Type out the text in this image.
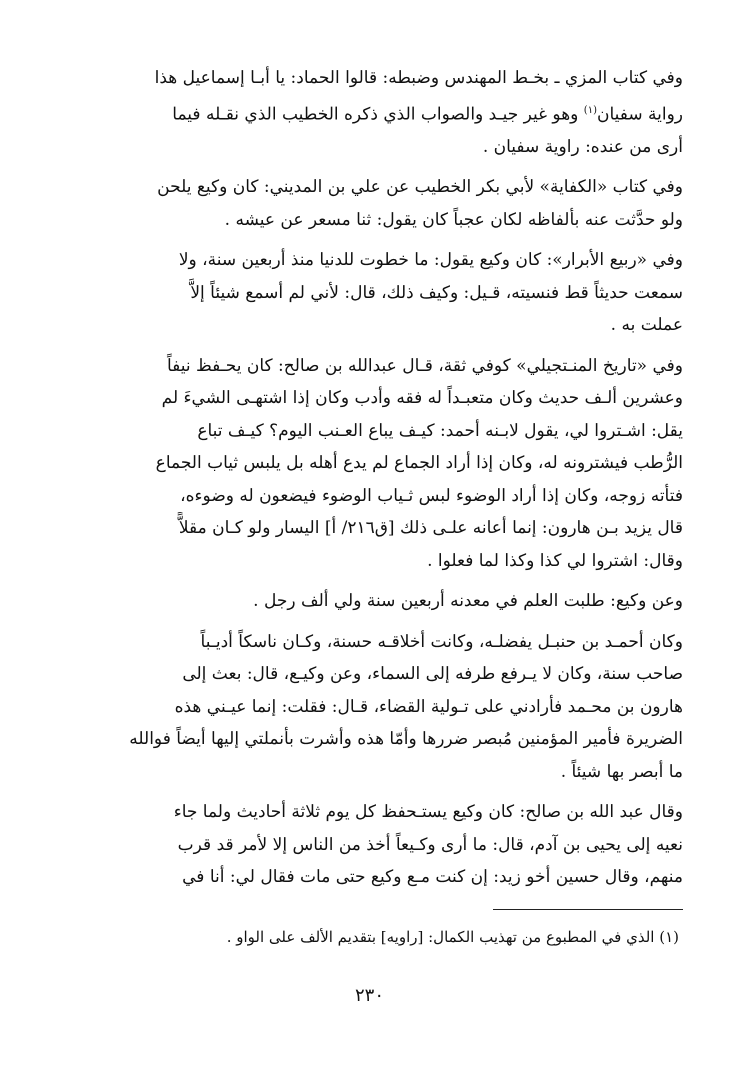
وفي كتاب المزي ـ بخـط المهندس وضبطه: قالوا الحماد: يا أبـا إسماعيل هذا
رواية سفيان$^{(١)}$ وهو غير جيـد والصواب الذي ذكره الخطيب الذي نقـله فيما
أرى من عنده: راوية سفيان .

وفي كتاب «الكفاية» لأبي بكر الخطيب عن علي بن المديني: كان وكيع يلحن
ولو حدَّثت عنه بألفاظه لكان عجباً كان يقول: ثنا مسعر عن عيشه .

وفي «ربيع الأبرار»: كان وكيع يقول: ما خطوت للدنيا منذ أربعين سنة، ولا
سمعت حديثاً قط فنسيته، قـيل: وكيف ذلك، قال: لأني لم أسمع شيئاً إلاَّ
عملت به .

وفي «تاريخ المنـتجيلي» كوفي ثقة، قـال عبدالله بن صالح: كان يحـفظ نيفاً
وعشرين ألـف حديث وكان متعبـداً له فقه وأدب وكان إذا اشتهـى الشيءَ لم
يقل: اشـتروا لي، يقول لابـنه أحمد: كيـف يباع العـنب اليوم؟ كيـف تباع
الرُّطب فيشترونه له، وكان إذا أراد الجماع لم يدع أهله بل يلبس ثياب الجماع
فتأته زوجه، وكان إذا أراد الوضوء لبس ثـياب الوضوء فيضعون له وضوءه،
قال يزيد بـن هارون: إنما أعانه علـى ذلك [ق٢١٦/ أ] اليسار ولو كـان مقلاًّ
وقال: اشتروا لي كذا وكذا لما فعلوا .

وعن وكيع: طلبت العلم في معدنه أربعين سنة ولي ألف رجل .

وكان أحمـد بن حنبـل يفضلـه، وكانت أخلاقـه حسنة، وكـان ناسكاً أديـباً
صاحب سنة، وكان لا يـرفع طرفه إلى السماء، وعن وكيـع، قال: بعث إلى
هارون بن محـمد فأرادني على تـولية القضاء، قـال: فقلت: إنما عيـني هذه
الضريرة فأمير المؤمنين مُبصر ضررها وأمّا هذه وأشرت بأنملتي إليها أيضاً فوالله
ما أبصر بها شيئاً .

وقال عبد الله بن صالح: كان وكيع يستـحفظ كل يوم ثلاثة أحاديث ولما جاء
نعيه إلى يحيى بن آدم، قال: ما أرى وكـيعاً أخذ من الناس إلا لأمر قد قرب
منهم، وقال حسين أخو زيد: إن كنت مـع وكيع حتى مات فقال لي: أنا في

(١) الذي في المطبوع من تهذيب الكمال: [راويه] بتقديم الألف على الواو .
٢٣٠
